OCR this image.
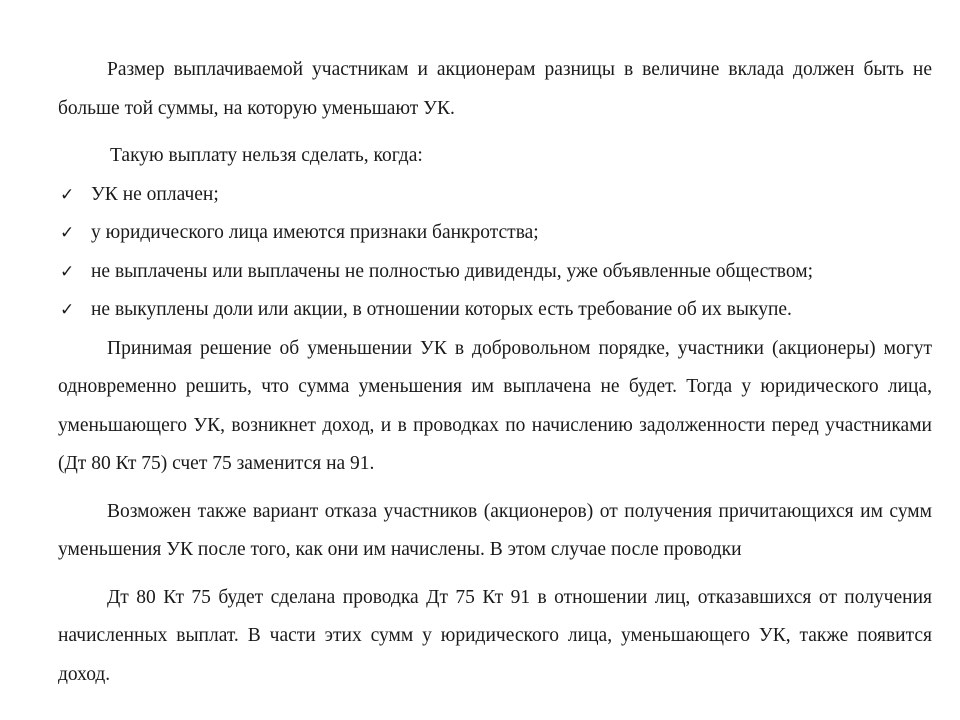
Размер выплачиваемой участникам и акционерам разницы в величине вклада должен быть не больше той суммы, на которую уменьшают УК.

Такую выплату нельзя сделать, когда:

✓ УК не оплачен;
✓ у юридического лица имеются признаки банкротства;
✓ не выплачены или выплачены не полностью дивиденды, уже объявленные обществом;
✓ не выкуплены доли или акции, в отношении которых есть требование об их выкупе.

Принимая решение об уменьшении УК в добровольном порядке, участники (акционеры) могут одновременно решить, что сумма уменьшения им выплачена не будет. Тогда у юридического лица, уменьшающего УК, возникнет доход, и в проводках по начислению задолженности перед участниками (Дт 80 Кт 75) счет 75 заменится на 91.

Возможен также вариант отказа участников (акционеров) от получения причитающихся им сумм уменьшения УК после того, как они им начислены. В этом случае после проводки

Дт 80 Кт 75 будет сделана проводка Дт 75 Кт 91 в отношении лиц, отказавшихся от получения начисленных выплат. В части этих сумм у юридического лица, уменьшающего УК, также появится доход.
